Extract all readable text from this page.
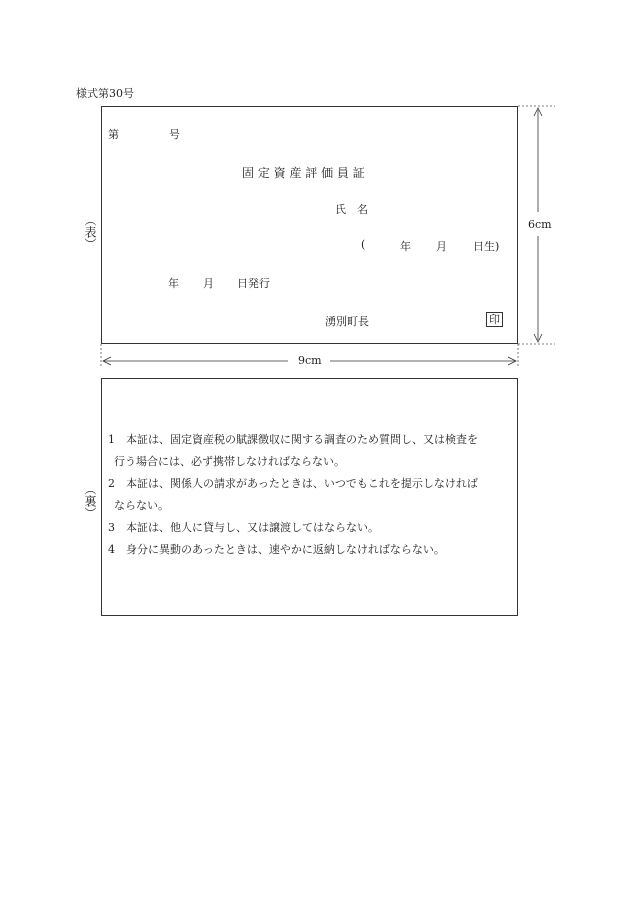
様式第30号
6cm
9cm
（表）
（裏）
第	号
固 定 資 産 評 価 員 証
氏　名
(	年 月 日生)
年 月 日発行
湧別町長	印
1　 本証は、固定資産税の賦課徴収に関する調査のため質問し、又は検査を
行う場合には、必ず携帯しなければならない。
2　 本証は、関係人の請求があったときは、いつでもこれを提示しなければ
ならない。
3　 本証は、他人に貸与し、又は譲渡してはならない。
4　 身分に異動のあったときは、速やかに返納しなければならない。
